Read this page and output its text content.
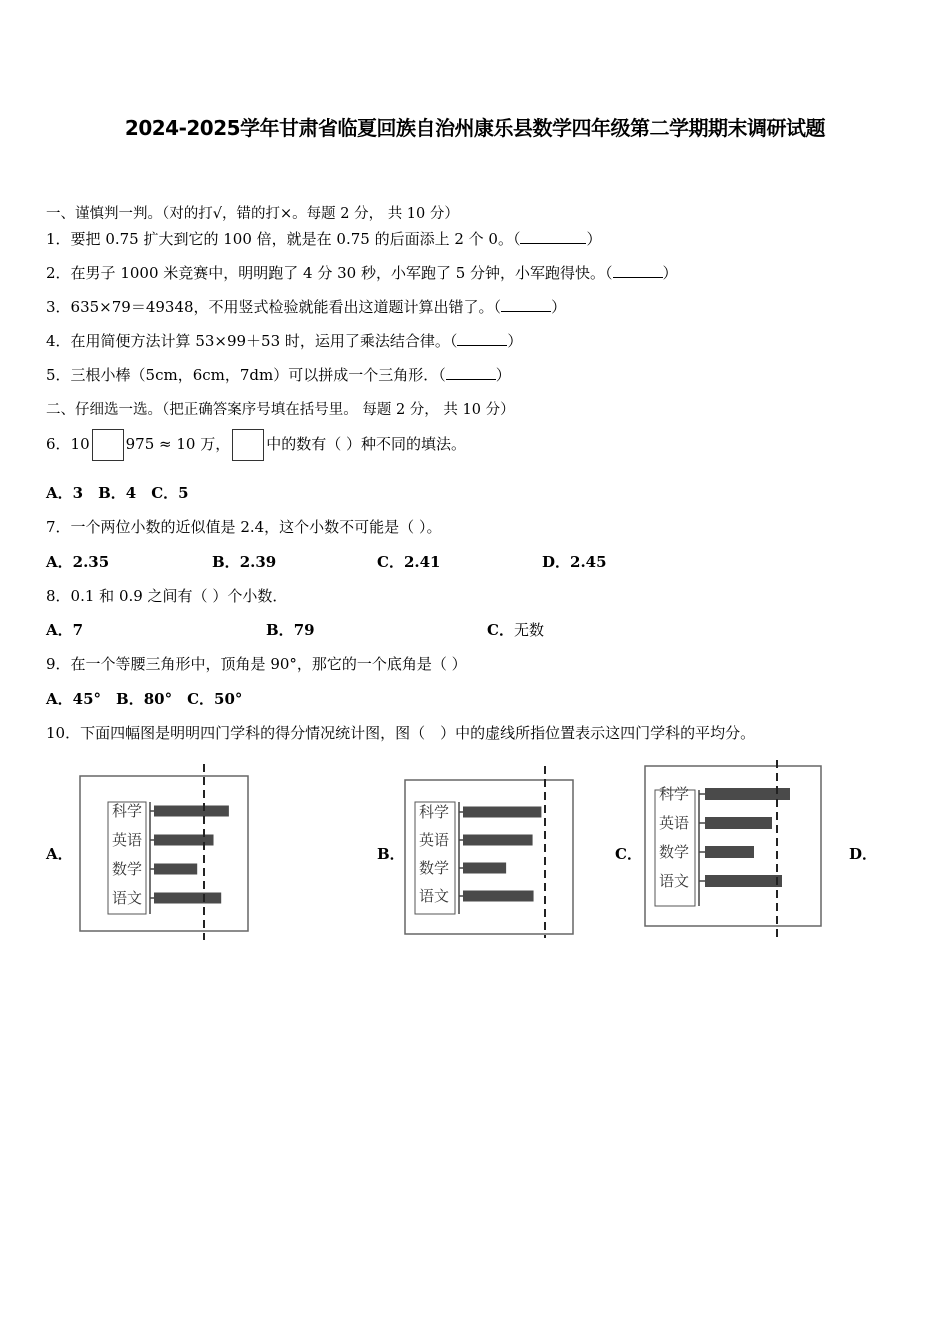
2024-2025学年甘肃省临夏回族自治州康乐县数学四年级第二学期期末调研试题
一、谨慎判一判。（对的打√，错的打×。每题 2 分， 共 10 分）
1．要把 0.75 扩大到它的 100 倍，就是在 0.75 的后面添上 2 个 0。（	）
2．在男子 1000 米竞赛中，明明跑了 4 分 30 秒，小军跑了 5 分钟，小军跑得快。（	）
3．635×79＝49348，不用竖式检验就能看出这道题计算出错了。（	）
4．在用简便方法计算 53×99＋53 时，运用了乘法结合律。（	）
5．三根小棒（5cm，6cm，7dm）可以拼成一个三角形．（	）
二、仔细选一选。（把正确答案序号填在括号里。 每题 2 分， 共 10 分）
6．10 975 ≈ 10 万， 中的数有（ ）种不同的填法。
A．3　B．4　C．5
7．一个两位小数的近似值是 2.4，这个小数不可能是（ ）。
A．2.35	B．2.39	C．2.41	D．2.45
8．0.1 和 0.9 之间有（ ）个小数．
A．7	B．79	C．无数
9．在一个等腰三角形中，顶角是 90°，那它的一个底角是（ ）
A．45°　B．80°　C．50°
10．下面四幅图是明明四门学科的得分情况统计图，图（　）中的虚线所指位置表示这四门学科的平均分。
A．	B．	C．	D．
科学
英语
数学
语文
科学
英语
数学
语文
科学
英语
数学
语文
